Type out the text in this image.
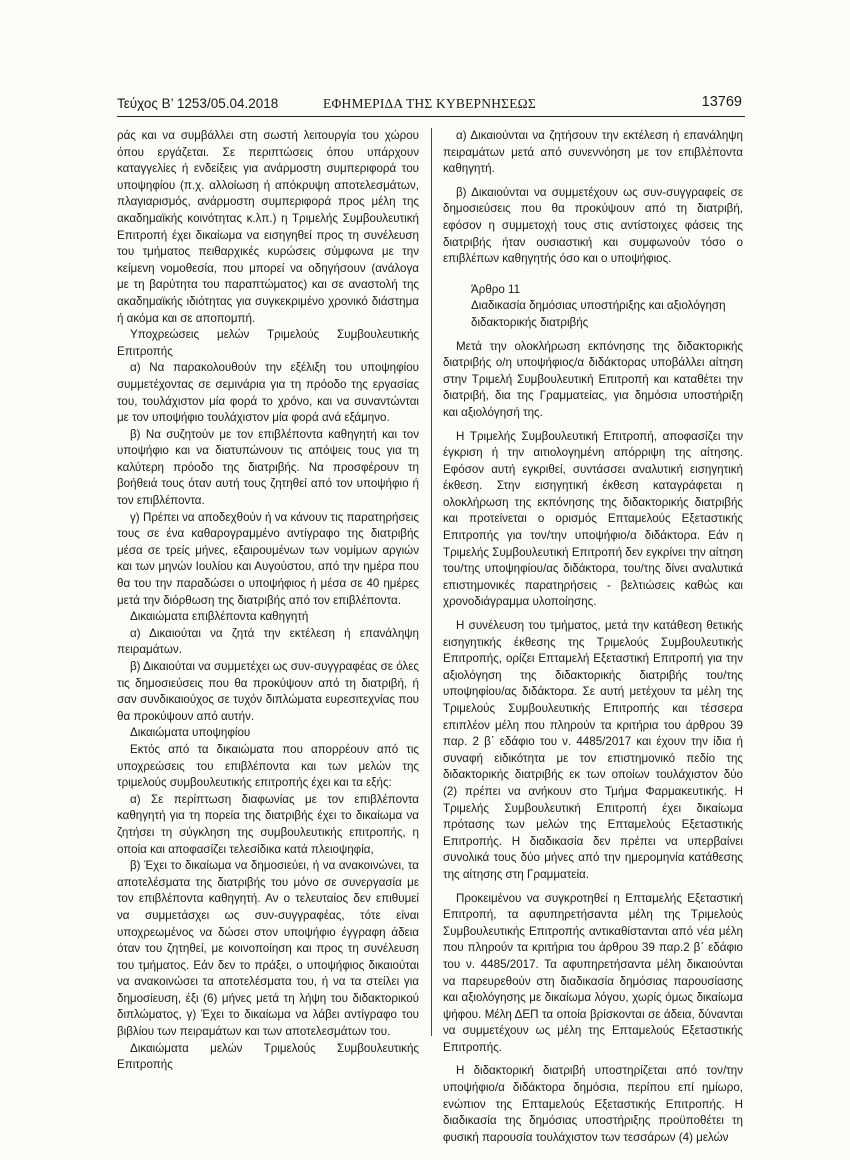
Τεύχος Β’ 1253/05.04.2018	ΕΦΗΜΕΡΙΔΑ ΤΗΣ ΚΥΒΕΡΝΗΣΕΩΣ	13769

ράς και να συμβάλλει στη σωστή λειτουργία του χώρου όπου εργάζεται. Σε περιπτώσεις όπου υπάρχουν καταγγελίες ή ενδείξεις για ανάρμοστη συμπεριφορά του υποψηφίου (π.χ. αλλοίωση ή απόκρυψη αποτελεσμάτων, πλαγιαρισμός, ανάρμοστη συμπεριφορά προς μέλη της ακαδημαϊκής κοινότητας κ.λπ.) η Τριμελής Συμβουλευτική Επιτροπή έχει δικαίωμα να εισηγηθεί προς τη συνέλευση του τμήματος πειθαρχικές κυρώσεις σύμφωνα με την κείμενη νομοθεσία, που μπορεί να οδηγήσουν (ανάλογα με τη βαρύτητα του παραπτώματος) και σε αναστολή της ακαδημαϊκής ιδιότητας για συγκεκριμένο χρονικό διάστημα ή ακόμα και σε αποπομπή.

Υποχρεώσεις μελών Τριμελούς Συμβουλευτικής Επιτροπής

α) Να παρακολουθούν την εξέλιξη του υποψηφίου συμμετέχοντας σε σεμινάρια για τη πρόοδο της εργασίας του, τουλάχιστον μία φορά το χρόνο, και να συναντώνται με τον υποψήφιο τουλάχιστον μία φορά ανά εξάμηνο.

β) Να συζητούν με τον επιβλέποντα καθηγητή και τον υποψήφιο και να διατυπώνουν τις απόψεις τους για τη καλύτερη πρόοδο της διατριβής. Να προσφέρουν τη βοήθειά τους όταν αυτή τους ζητηθεί από τον υποψήφιο ή τον επιβλέποντα.

γ) Πρέπει να αποδεχθούν ή να κάνουν τις παρατηρήσεις τους σε ένα καθαρογραμμένο αντίγραφο της διατριβής μέσα σε τρείς μήνες, εξαιρουμένων των νομίμων αργιών και των μηνών Ιουλίου και Αυγούστου, από την ημέρα που θα του την παραδώσει ο υποψήφιος ή μέσα σε 40 ημέρες μετά την διόρθωση της διατριβής από τον επιβλέποντα.

Δικαιώματα επιβλέποντα καθηγητή

α) Δικαιούται να ζητά την εκτέλεση ή επανάληψη πειραμάτων.

β) Δικαιούται να συμμετέχει ως συν-συγγραφέας σε όλες τις δημοσιεύσεις που θα προκύψουν από τη διατριβή, ή σαν συνδικαιούχος σε τυχόν διπλώματα ευρεσιτεχνίας που θα προκύψουν από αυτήν.

Δικαιώματα υποψηφίου

Εκτός από τα δικαιώματα που απορρέουν από τις υποχρεώσεις του επιβλέποντα και των μελών της τριμελούς συμβουλευτικής επιτροπής έχει και τα εξής:

α) Σε περίπτωση διαφωνίας με τον επιβλέποντα καθηγητή για τη πορεία της διατριβής έχει το δικαίωμα να ζητήσει τη σύγκληση της συμβουλευτικής επιτροπής, η οποία και αποφασίζει τελεσίδικα κατά πλειοψηφία,

β) Έχει το δικαίωμα να δημοσιεύει, ή να ανακοινώνει, τα αποτελέσματα της διατριβής του μόνο σε συνεργασία με τον επιβλέποντα καθηγητή. Αν ο τελευταίος δεν επιθυμεί να συμμετάσχει ως συν-συγγραφέας, τότε είναι υποχρεωμένος να δώσει στον υποψήφιο έγγραφη άδεια όταν του ζητηθεί, με κοινοποίηση και προς τη συνέλευση του τμήματος. Εάν δεν το πράξει, ο υποψήφιος δικαιούται να ανακοινώσει τα αποτελέσματα του, ή να τα στείλει για δημοσίευση, έξι (6) μήνες μετά τη λήψη του διδακτορικού διπλώματος, γ) Έχει το δικαίωμα να λάβει αντίγραφο του βιβλίου των πειραμάτων και των αποτελεσμάτων του.

Δικαιώματα μελών Τριμελούς Συμβουλευτικής Επιτροπής

α) Δικαιούνται να ζητήσουν την εκτέλεση ή επανάληψη πειραμάτων μετά από συνεννόηση με τον επιβλέποντα καθηγητή.

β) Δικαιούνται να συμμετέχουν ως συν-συγγραφείς σε δημοσιεύσεις που θα προκύψουν από τη διατριβή, εφόσον η συμμετοχή τους στις αντίστοιχες φάσεις της διατριβής ήταν ουσιαστική και συμφωνούν τόσο ο επιβλέπων καθηγητής όσο και ο υποψήφιος.

Άρθρο 11

Διαδικασία δημόσιας υποστήριξης και αξιολόγηση διδακτορικής διατριβής

Μετά την ολοκλήρωση εκπόνησης της διδακτορικής διατριβής ο/η υποψήφιος/α διδάκτορας υποβάλλει αίτηση στην Τριμελή Συμβουλευτική Επιτροπή και καταθέτει την διατριβή, δια της Γραμματείας, για δημόσια υποστήριξη και αξιολόγησή της.

Η Τριμελής Συμβουλευτική Επιτροπή, αποφασίζει την έγκριση ή την αιτιολογημένη απόρριψη της αίτησης. Εφόσον αυτή εγκριθεί, συντάσσει αναλυτική εισηγητική έκθεση. Στην εισηγητική έκθεση καταγράφεται η ολοκλήρωση της εκπόνησης της διδακτορικής διατριβής και προτείνεται ο ορισμός Επταμελούς Εξεταστικής Επιτροπής για τον/την υποψήφιο/α διδάκτορα. Εάν η Τριμελής Συμβουλευτική Επιτροπή δεν εγκρίνει την αίτηση του/της υποψηφίου/ας διδάκτορα, του/της δίνει αναλυτικά επιστημονικές παρατηρήσεις - βελτιώσεις καθώς και χρονοδιάγραμμα υλοποίησης.

Η συνέλευση του τμήματος, μετά την κατάθεση θετικής εισηγητικής έκθεσης της Τριμελούς Συμβουλευτικής Επιτροπής, ορίζει Επταμελή Εξεταστική Επιτροπή για την αξιολόγηση της διδακτορικής διατριβής του/της υποψηφίου/ας διδάκτορα. Σε αυτή μετέχουν τα μέλη της Τριμελούς Συμβουλευτικής Επιτροπής και τέσσερα επιπλέον μέλη που πληρούν τα κριτήρια του άρθρου 39 παρ. 2 β΄ εδάφιο του ν. 4485/2017 και έχουν την ίδια ή συναφή ειδικότητα με τον επιστημονικό πεδίο της διδακτορικής διατριβής εκ των οποίων τουλάχιστον δύο (2) πρέπει να ανήκουν στο Τμήμα Φαρμακευτικής. Η Τριμελής Συμβουλευτική Επιτροπή έχει δικαίωμα πρότασης των μελών της Επταμελούς Εξεταστικής Επιτροπής. Η διαδικασία δεν πρέπει να υπερβαίνει συνολικά τους δύο μήνες από την ημερομηνία κατάθεσης της αίτησης στη Γραμματεία.

Προκειμένου να συγκροτηθεί η Επταμελής Εξεταστική Επιτροπή, τα αφυπηρετήσαντα μέλη της Τριμελούς Συμβουλευτικής Επιτροπής αντικαθίστανται από νέα μέλη που πληρούν τα κριτήρια του άρθρου 39 παρ.2 β΄ εδάφιο του ν. 4485/2017. Τα αφυπηρετήσαντα μέλη δικαιούνται να παρευρεθούν στη διαδικασία δημόσιας παρουσίασης και αξιολόγησης με δικαίωμα λόγου, χωρίς όμως δικαίωμα ψήφου. Μέλη ΔΕΠ τα οποία βρίσκονται σε άδεια, δύνανται να συμμετέχουν ως μέλη της Επταμελούς Εξεταστικής Επιτροπής.

Η διδακτορική διατριβή υποστηρίζεται από τον/την υποψήφιο/α διδάκτορα δημόσια, περίπου επί ημίωρο, ενώπιον της Επταμελούς Εξεταστικής Επιτροπής. Η διαδικασία της δημόσιας υποστήριξης προϋποθέτει τη φυσική παρουσία τουλάχιστον των τεσσάρων (4) μελών
